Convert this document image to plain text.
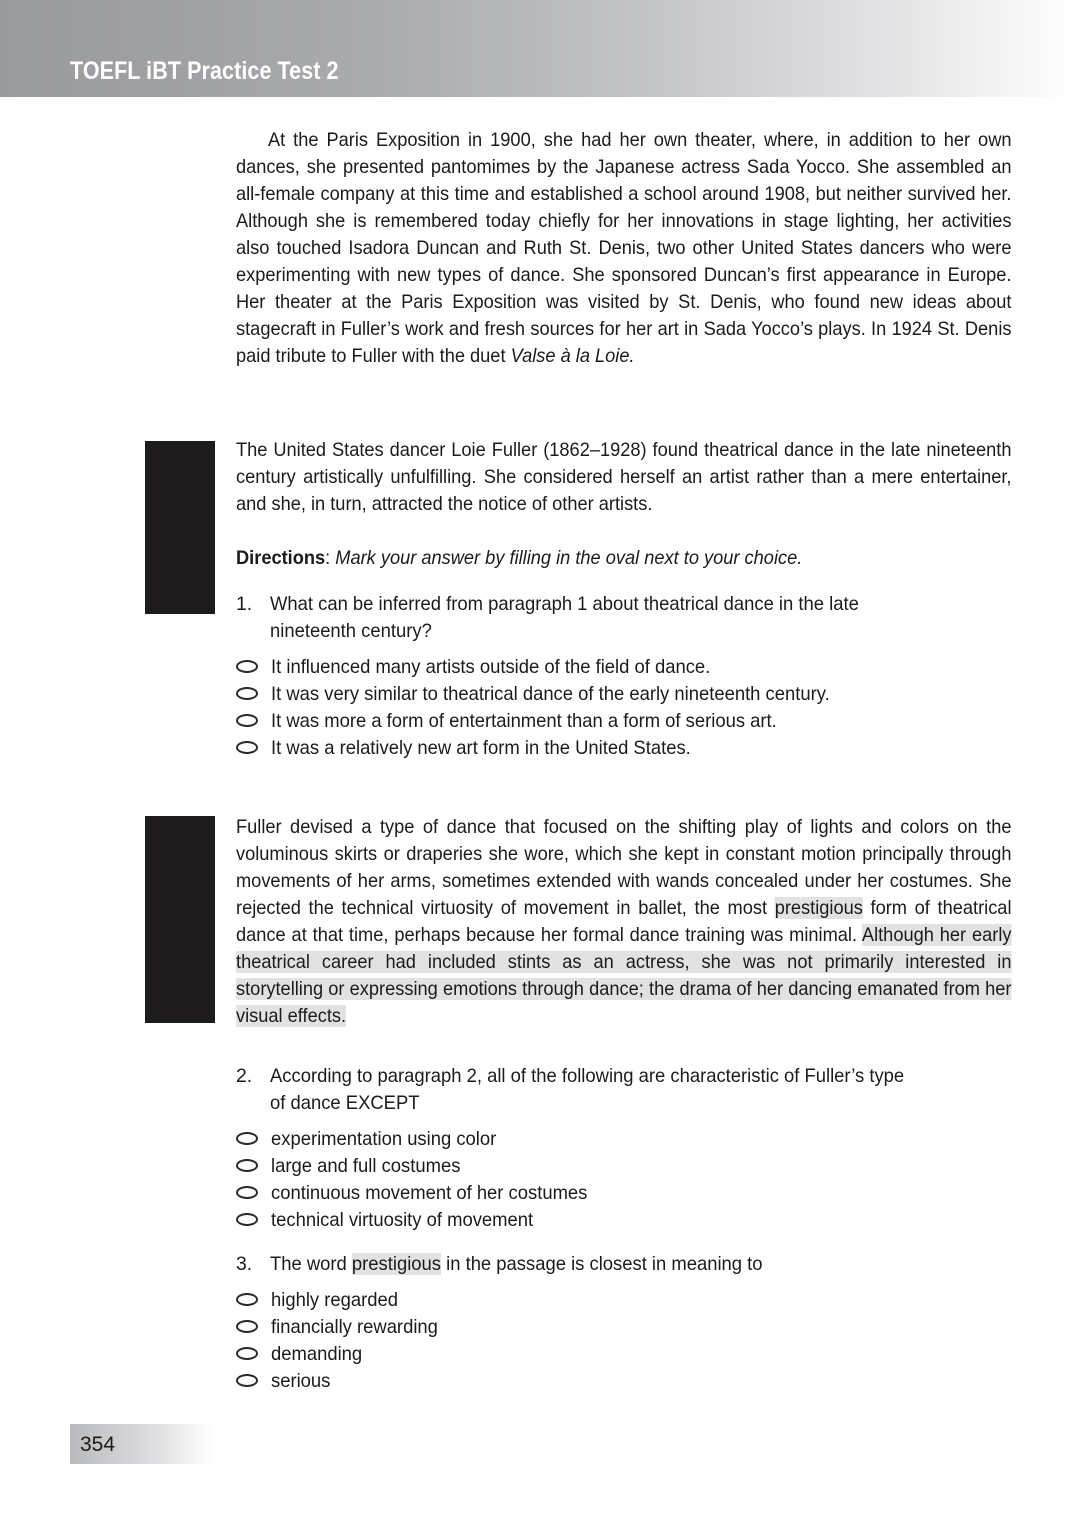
TOEFL iBT Practice Test 2
At the Paris Exposition in 1900, she had her own theater, where, in addition to her own dances, she presented pantomimes by the Japanese actress Sada Yocco. She assembled an all-female company at this time and established a school around 1908, but neither survived her. Although she is remembered today chiefly for her innovations in stage lighting, her activities also touched Isadora Duncan and Ruth St. Denis, two other United States dancers who were experimenting with new types of dance. She sponsored Duncan’s first appearance in Europe. Her theater at the Paris Exposition was visited by St. Denis, who found new ideas about stagecraft in Fuller’s work and fresh sources for her art in Sada Yocco’s plays. In 1924 St. Denis paid tribute to Fuller with the duet Valse à la Loie.
The United States dancer Loie Fuller (1862–1928) found theatrical dance in the late nineteenth century artistically unfulfilling. She considered herself an artist rather than a mere entertainer, and she, in turn, attracted the notice of other artists.
Directions: Mark your answer by filling in the oval next to your choice.
1. What can be inferred from paragraph 1 about theatrical dance in the late nineteenth century?
It influenced many artists outside of the field of dance.
It was very similar to theatrical dance of the early nineteenth century.
It was more a form of entertainment than a form of serious art.
It was a relatively new art form in the United States.
Fuller devised a type of dance that focused on the shifting play of lights and colors on the voluminous skirts or draperies she wore, which she kept in constant motion principally through movements of her arms, sometimes extended with wands concealed under her costumes. She rejected the technical virtuosity of movement in ballet, the most prestigious form of theatrical dance at that time, perhaps because her formal dance training was minimal. Although her early theatrical career had included stints as an actress, she was not primarily interested in storytelling or expressing emotions through dance; the drama of her dancing emanated from her visual effects.
2. According to paragraph 2, all of the following are characteristic of Fuller’s type of dance EXCEPT
experimentation using color
large and full costumes
continuous movement of her costumes
technical virtuosity of movement
3. The word prestigious in the passage is closest in meaning to
highly regarded
financially rewarding
demanding
serious
354
